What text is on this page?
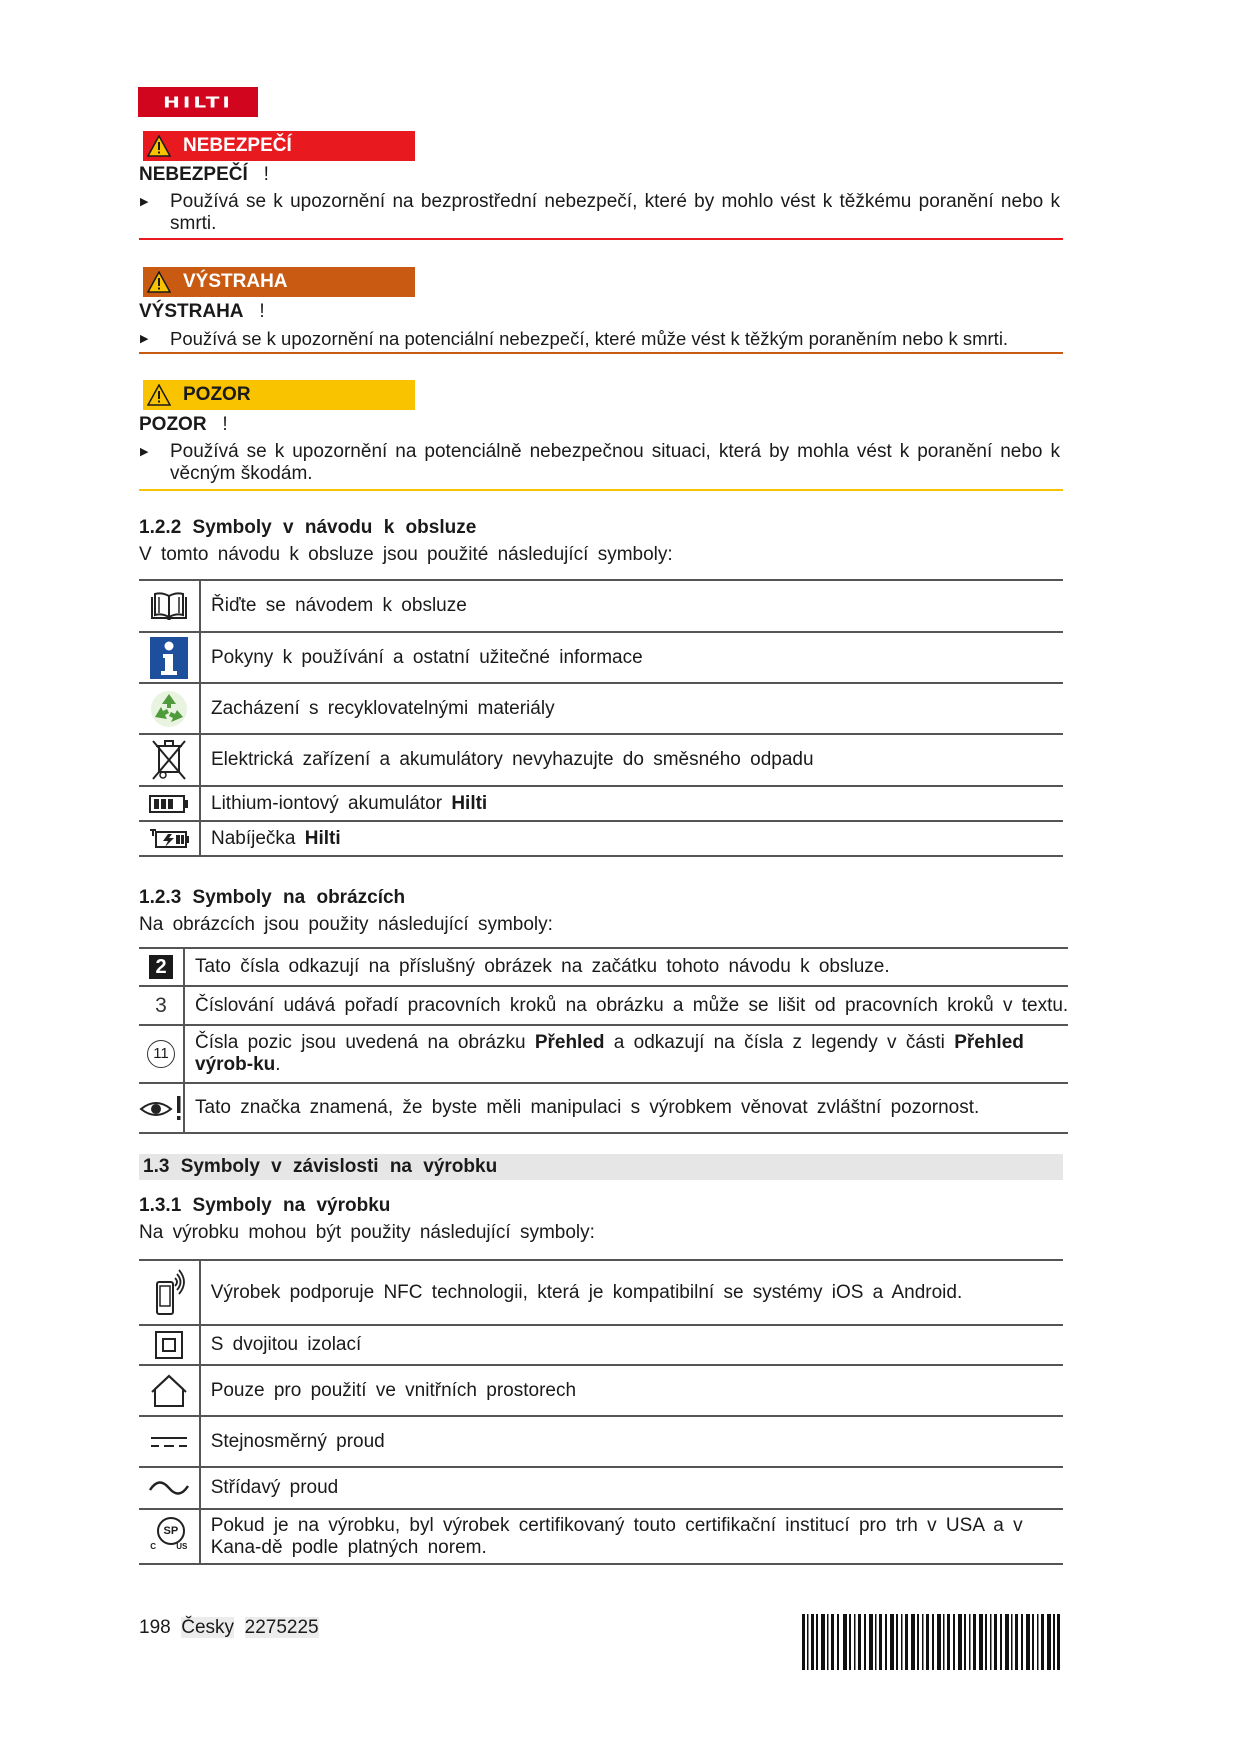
HILTI
NEBEZPEČÍ
NEBEZPEČÍ !
▶ Používá se k upozornění na bezprostřední nebezpečí, které by mohlo vést k těžkému poranění nebo k smrti.
VÝSTRAHA
VÝSTRAHA !
▶ Používá se k upozornění na potenciální nebezpečí, které může vést k těžkým poraněním nebo k smrti.
POZOR
POZOR !
▶ Používá se k upozornění na potenciálně nebezpečnou situaci, která by mohla vést k poranění nebo k věcným škodám.
1.2.2 Symboly v návodu k obsluze
V tomto návodu k obsluze jsou použité následující symboly:
	Řiďte se návodem k obsluze

	Pokyny k používání a ostatní užitečné informace

	Zacházení s recyklovatelnými materiály

	Elektrická zařízení a akumulátory nevyhazujte do směsného odpadu

	Lithium-iontový akumulátor Hilti

	Nabíječka Hilti
1.2.3 Symboly na obrázcích
Na obrázcích jsou použity následující symboly:
2	Tato čísla odkazují na příslušný obrázek na začátku tohoto návodu k obsluze.
3	Číslování udává pořadí pracovních kroků na obrázku a může se lišit od pracovních kroků v textu.
11	Čísla pozic jsou uvedená na obrázku Přehled a odkazují na čísla z legendy v části Přehled výrob-ku.

	Tato značka znamená, že byste měli manipulaci s výrobkem věnovat zvláštní pozornost.
1.3 Symboly v závislosti na výrobku
1.3.1 Symboly na výrobku
Na výrobku mohou být použity následující symboly:
	Výrobek podporuje NFC technologii, která je kompatibilní se systémy iOS a Android.

	S dvojitou izolací

	Pouze pro použití ve vnitřních prostorech

	Stejnosměrný proud

	Střídavý proud

SP
C US	Pokud je na výrobku, byl výrobek certifikovaný touto certifikační institucí pro trh v USA a v Kana-dě podle platných norem.
198 Česky 2275225
